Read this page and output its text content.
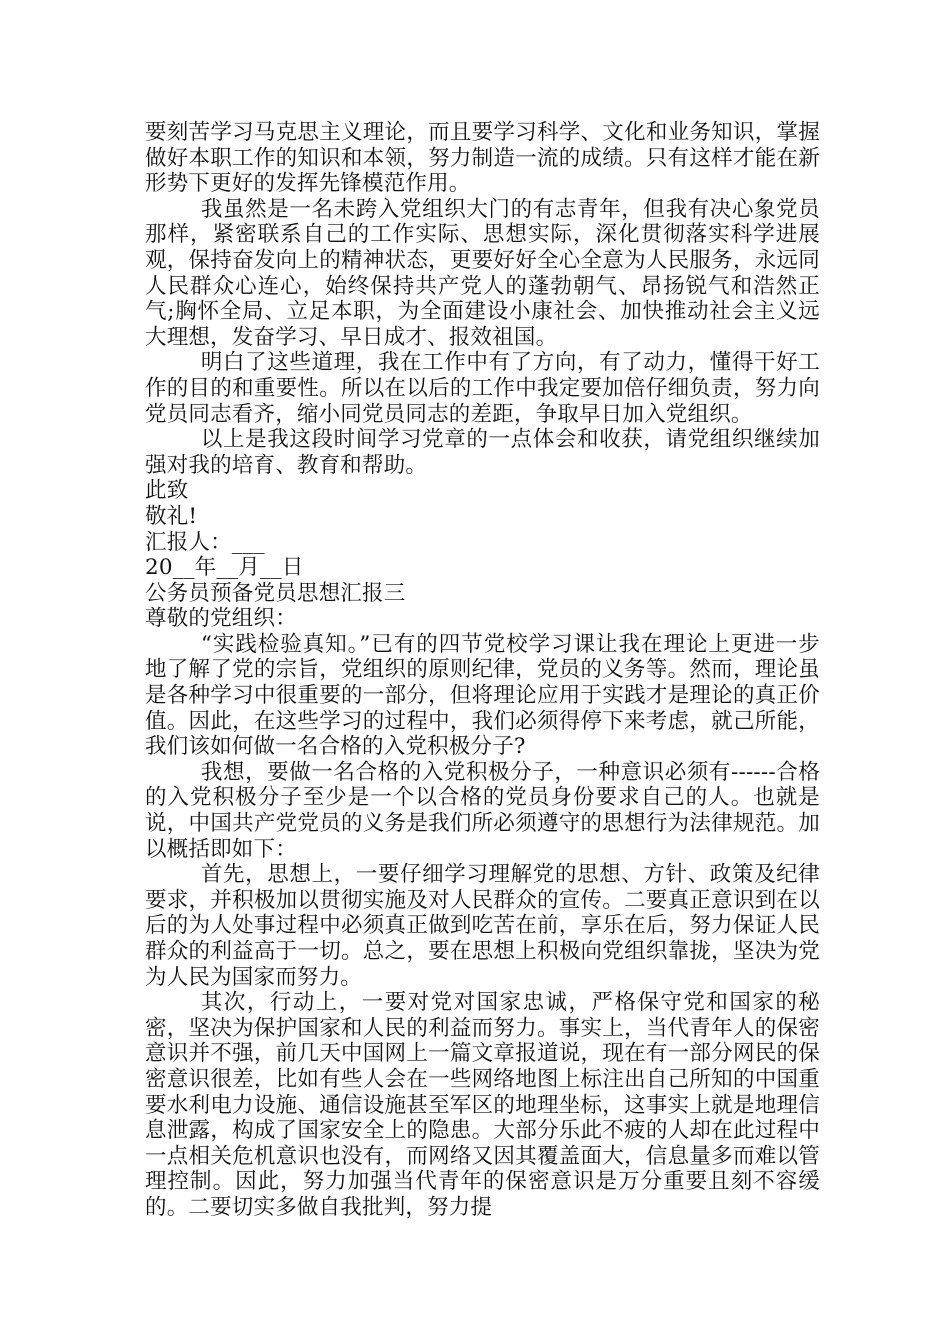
要刻苦学习马克思主义理论，而且要学习科学、文化和业务知识，掌握做好本职工作的知识和本领，努力制造一流的成绩。只有这样才能在新形势下更好的发挥先锋模范作用。

我虽然是一名未跨入党组织大门的有志青年，但我有决心象党员那样，紧密联系自己的工作实际、思想实际，深化贯彻落实科学进展观，保持奋发向上的精神状态，更要好好全心全意为人民服务，永远同人民群众心连心，始终保持共产党人的蓬勃朝气、昂扬锐气和浩然正气;胸怀全局、立足本职，为全面建设小康社会、加快推动社会主义远大理想，发奋学习、早日成才、报效祖国。

明白了这些道理，我在工作中有了方向，有了动力，懂得干好工作的目的和重要性。所以在以后的工作中我定要加倍仔细负责，努力向党员同志看齐，缩小同党员同志的差距，争取早日加入党组织。

以上是我这段时间学习党章的一点体会和收获，请党组织继续加强对我的培育、教育和帮助。

此致

敬礼!

汇报人：___

20__年__月__日

公务员预备党员思想汇报三

尊敬的党组织：

“实践检验真知。”已有的四节党校学习课让我在理论上更进一步地了解了党的宗旨，党组织的原则纪律，党员的义务等。然而，理论虽是各种学习中很重要的一部分，但将理论应用于实践才是理论的真正价值。因此，在这些学习的过程中，我们必须得停下来考虑，就己所能，我们该如何做一名合格的入党积极分子?

我想，要做一名合格的入党积极分子，一种意识必须有------合格的入党积极分子至少是一个以合格的党员身份要求自己的人。也就是说，中国共产党党员的义务是我们所必须遵守的思想行为法律规范。加以概括即如下：

首先，思想上，一要仔细学习理解党的思想、方针、政策及纪律要求，并积极加以贯彻实施及对人民群众的宣传。二要真正意识到在以后的为人处事过程中必须真正做到吃苦在前，享乐在后，努力保证人民群众的利益高于一切。总之，要在思想上积极向党组织靠拢，坚决为党为人民为国家而努力。

其次，行动上，一要对党对国家忠诚，严格保守党和国家的秘密，坚决为保护国家和人民的利益而努力。事实上，当代青年人的保密意识并不强，前几天中国网上一篇文章报道说，现在有一部分网民的保密意识很差，比如有些人会在一些网络地图上标注出自己所知的中国重要水利电力设施、通信设施甚至军区的地理坐标，这事实上就是地理信息泄露，构成了国家安全上的隐患。大部分乐此不疲的人却在此过程中一点相关危机意识也没有，而网络又因其覆盖面大，信息量多而难以管理控制。因此，努力加强当代青年的保密意识是万分重要且刻不容缓的。二要切实多做自我批判，努力提
